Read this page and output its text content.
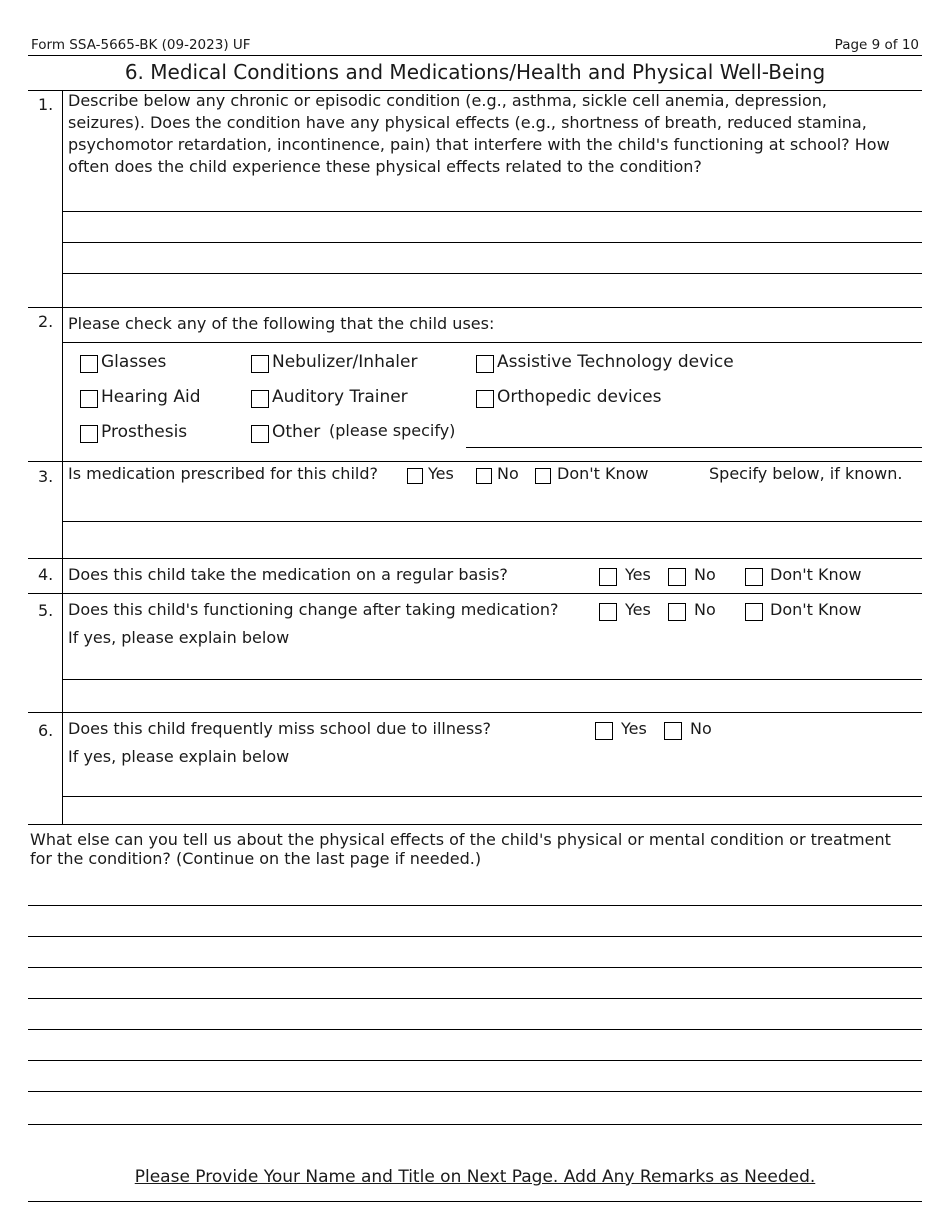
Form SSA-5665-BK (09-2023) UF	Page 9 of 10
6. Medical Conditions and Medications/Health and Physical Well-Being
1. Describe below any chronic or episodic condition (e.g., asthma, sickle cell anemia, depression,
seizures). Does the condition have any physical effects (e.g., shortness of breath, reduced stamina,
psychomotor retardation, incontinence, pain) that interfere with the child's functioning at school? How
often does the child experience these physical effects related to the condition?
2. Please check any of the following that the child uses:
Glasses	Nebulizer/Inhaler	Assistive Technology device
Hearing Aid	Auditory Trainer	Orthopedic devices
Prosthesis	Other (please specify)
3. Is medication prescribed for this child?	Yes	No Don't Know	Specify below, if known.
4. Does this child take the medication on a regular basis?	Yes	No	Don't Know
5. Does this child's functioning change after taking medication?	Yes	No	Don't Know
If yes, please explain below
6. Does this child frequently miss school due to illness?	Yes	No
If yes, please explain below
What else can you tell us about the physical effects of the child's physical or mental condition or treatment
for the condition? (Continue on the last page if needed.)
Please Provide Your Name and Title on Next Page. Add Any Remarks as Needed.
